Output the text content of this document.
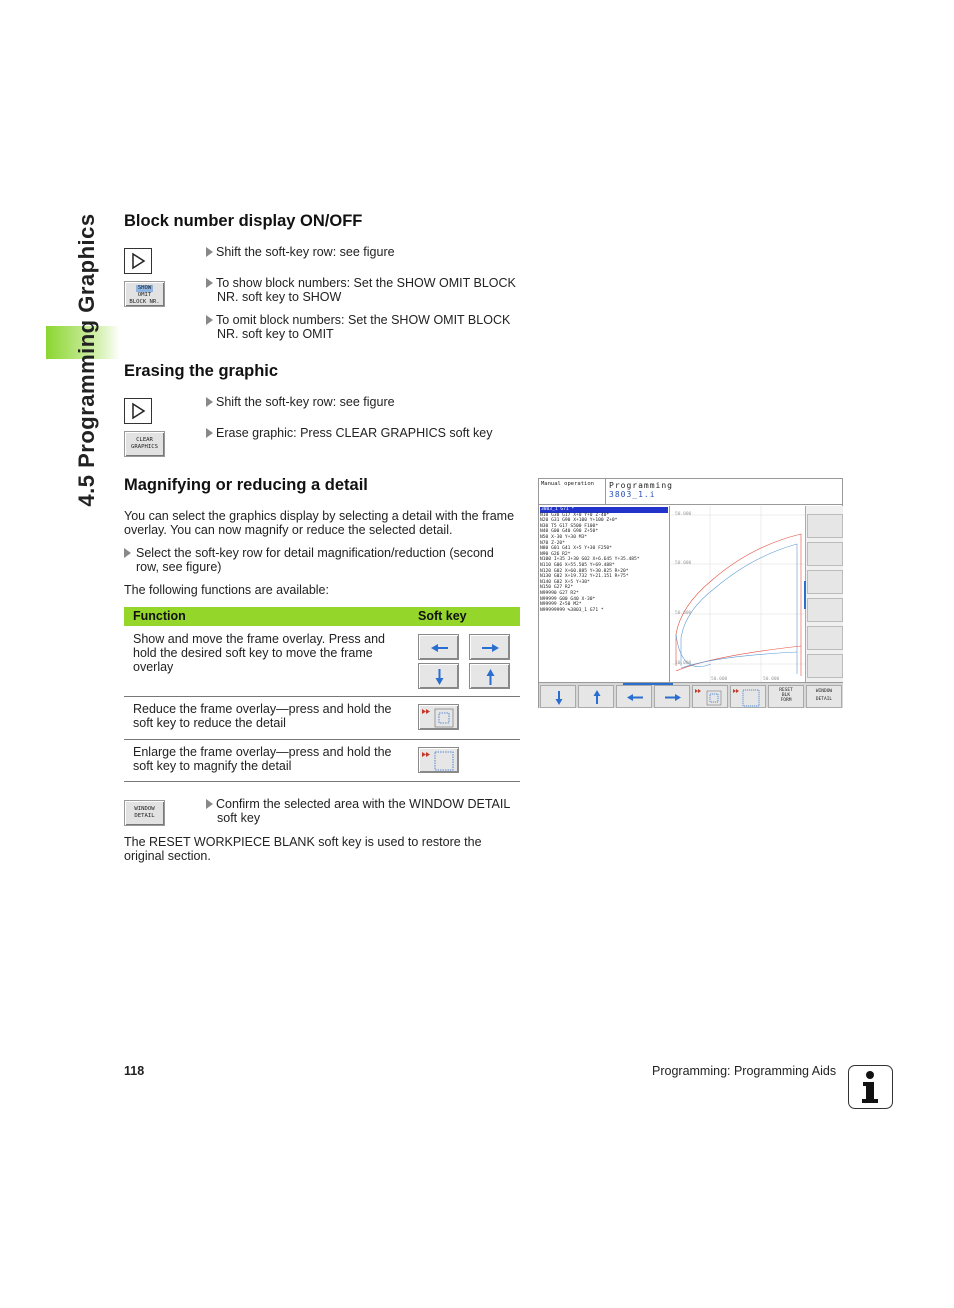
4.5 Programming Graphics Block number display ON/OFF
Shift the soft-key row: see figure
SHOW
OMIT
BLOCK NR.
To show block numbers: Set the SHOW OMIT BLOCK
NR. soft key to SHOW
To omit block numbers: Set the SHOW OMIT BLOCK
NR. soft key to OMIT
Erasing the graphic
Shift the soft-key row: see figure
CLEAR
GRAPHICS
Erase graphic: Press CLEAR GRAPHICS soft key
Magnifying or reducing a detail
You can select the graphics display by selecting a detail with the frame
overlay. You can now magnify or reduce the selected detail.
Select the soft-key row for detail magnification/reduction (second
row, see figure)
The following functions are available:
Function	Soft key
Show and move the frame overlay. Press and
hold the desired soft key to move the frame
overlay
Reduce the frame overlay—press and hold the
soft key to reduce the detail
Enlarge the frame overlay—press and hold the
soft key to magnify the detail
WINDOW
DETAIL
Confirm the selected area with the WINDOW DETAIL
soft key
The RESET WORKPIECE BLANK soft key is used to restore the
original section.
Manual operation	Programming
3803_1.i
3803_1 G71 *
N10 G30 G17 X+0 Y+0 Z-40*
N20 G31 G90 X+100 Y+100 Z+0*
N30 T5 G17 S500 F100*
N40 G00 G40 G90 Z+50*
N50 X-30 Y+30 M3*
N70 Z-20*
N80 G01 G41 X+5 Y+30 F250*
N90 G26 R2*
N100 I+35 J+30 G02 X+6.645 Y+35.485*
N110 G06 X+55.505 Y+69.488*
N120 G02 X+60.885 Y+30.825 R+20*
N130 G02 X+19.732 Y+21.151 R+75*
N140 G02 X+5 Y+30*
N150 G27 R2*
N99990 G27 R2*
N99999 G00 G40 X-30*
N99999 Z+50 M2*
N99999999 %3803_1 G71 *
50.000
50.000
50.000
50.000
50.000	50.000
RESET
BLK
FORM
WINDOW
DETAIL
118	Programming: Programming Aids
